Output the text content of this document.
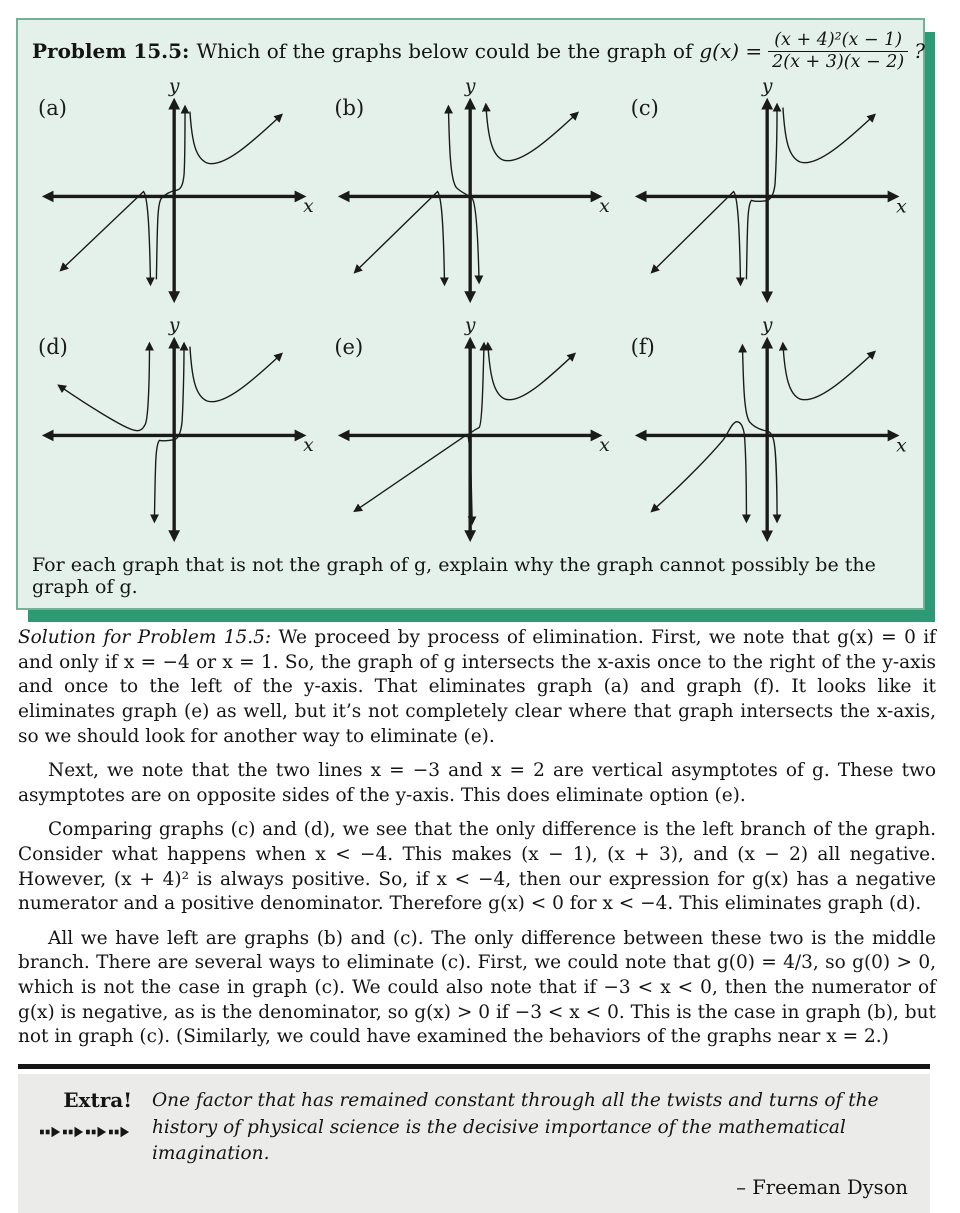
Problem 15.5: Which of the graphs below could be the graph of $g(x) = \frac{\text{(x + 4)²(x − 1)}}{2(x + 3)(x - 2)}$ ?
(a)
y
x
(b)
y
x
(c)
y
x
(d)
y
x
(e)
y
x
(f)
y
x
For each graph that is not the graph of g, explain why the graph cannot possibly be the graph of g.

Solution for Problem 15.5: We proceed by process of elimination. First, we note that g(x) = 0 if and only if x = −4 or x = 1. So, the graph of g intersects the x-axis once to the right of the y-axis and once to the left of the y-axis. That eliminates graph (a) and graph (f). It looks like it eliminates graph (e) as well, but it’s not completely clear where that graph intersects the x-axis, so we should look for another way to eliminate (e).

Next, we note that the two lines x = −3 and x = 2 are vertical asymptotes of g. These two asymptotes are on opposite sides of the y-axis. This does eliminate option (e).

Comparing graphs (c) and (d), we see that the only difference is the left branch of the graph. Consider what happens when x < −4. This makes (x − 1), (x + 3), and (x − 2) all negative. However, (x + 4)² is always positive. So, if x < −4, then our expression for g(x) has a negative numerator and a positive denominator. Therefore g(x) < 0 for x < −4. This eliminates graph (d).

All we have left are graphs (b) and (c). The only difference between these two is the middle branch. There are several ways to eliminate (c). First, we could note that g(0) = 4/3, so g(0) > 0, which is not the case in graph (c). We could also note that if −3 < x < 0, then the numerator of g(x) is negative, as is the denominator, so g(x) > 0 if −3 < x < 0. This is the case in graph (b), but not in graph (c). (Similarly, we could have examined the behaviors of the graphs near x = 2.)

Extra! One factor that has remained constant through all the twists and turns of the history of physical science is the decisive importance of the mathematical imagination.
– Freeman Dyson
